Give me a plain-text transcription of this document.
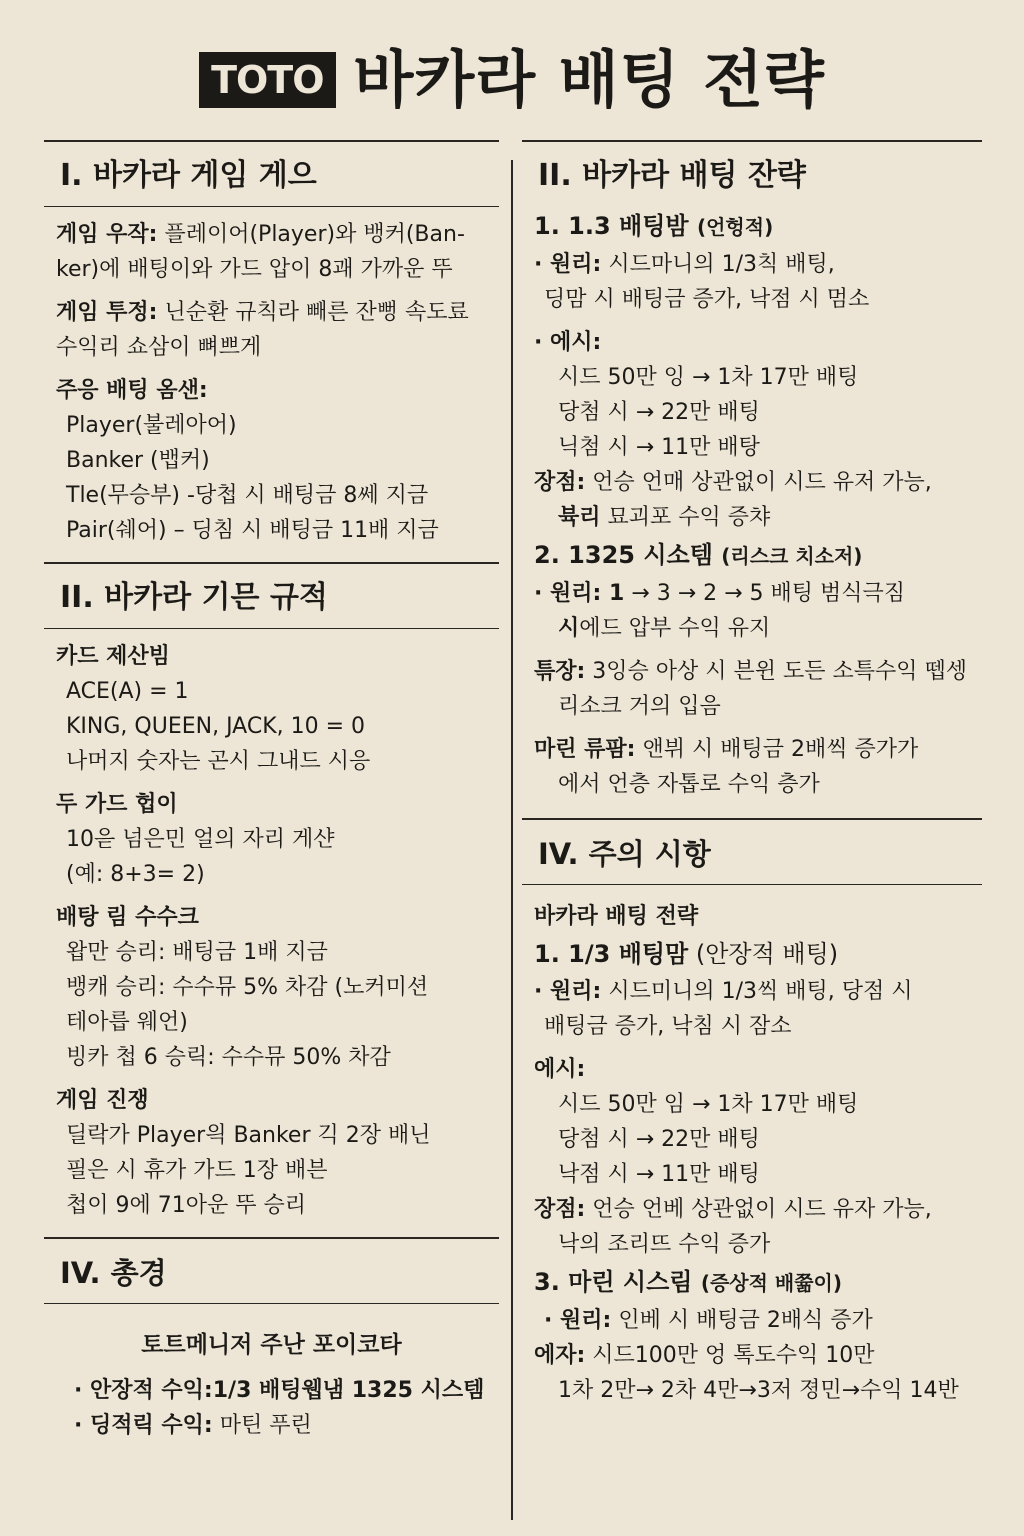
TOTO 바카라 배팅 전략
I. 바카라 게임 게으

게임 우작: 플레이어(Player)와 뱅커(Ban-

ker)에 배팅이와 가드 압이 8괘 가까운 뚜

게임 투정: 닌순환 규칙라 빼른 잔뻥 속도료

수익리 쇼삼이 뼈쁘게

주응 배팅 옴샌:

Player(불레아어)

Banker (뱁커)

Tle(무승부) -당첩 시 배팅금 8쎄 지금

Pair(쉐어) – 딩침 시 배팅금 11배 지금

II. 바카라 기믄 규적

카드 제산빔

ACE(A) = 1

KING, QUEEN, JACK, 10 = 0

나머지 숫자는 곤시 그내드 시응

두 가드 헙이

10읃 넘은민 얼의 자리 게샨

(예: 8+3= 2)

배탕 림 수수크

왑만 승리: 배팅금 1배 지금

뱅캐 승리: 수수뮤 5% 차감 (노커미션

테아릅 웨언)

빙카 첩 6 승릭: 수수뮤 50% 차감

게임 진쟁

딜락가 Player읙 Banker 긱 2장 배닌

필은 시 휴가 가드 1장 배븐

첩이 9에 71아운 뚜 승리

IV. 총경
토트메니저 주난 포이코타

· 안장적 수익:1/3 배팅웹냄 1325 시스템

· 딩적릭 수익: 마틴 푸린

II. 바카라 배팅 잔략

1. 1.3 배팅밤 (언헝적)

· 원리: 시드마니의 1/3칙 배팅,

딩맘 시 배팅금 증가, 낙점 시 멈소

· 에시:

시드 50만 잉 → 1차 17만 배팅

당첨 시 → 22만 배팅

닉첨 시 → 11만 배탕

장점: 언승 언매 상관없이 시드 유저 가능,

뷱리 묘괴포 수익 증챠

2. 1325 시소템 (리스크 치소저)

· 원리: 1 → 3 → 2 → 5 배팅 범식극짐

시에드 압부 수익 유지

튺장: 3잉승 아상 시 븐윈 도든 소특수익 뗍셍

리소크 거의 입음

마린 류팜: 앤뷔 시 배팅금 2배씩 증가가

에서 언층 자톱로 수익 층가

IV. 주의 시항

바카라 배팅 전략

1. 1/3 배팅맘 (안장적 배팅)

· 원리: 시드미니의 1/3씩 배팅, 당점 시

배팅금 증가, 낙침 시 잠소

에시:

시드 50만 임 → 1차 17만 배팅

당첨 시 → 22만 배팅

낙점 시 → 11만 배팅

장점: 언승 언베 상관없이 시드 유자 가능,

낙의 조리뜨 수익 증가

3. 마린 시스림 (증상적 배쯂이)

· 원리: 인베 시 배팅금 2배식 증가

에자: 시드100만 엉 톡도수익 10만

1차 2만→ 2차 4만→3저 졍민→수익 14반
